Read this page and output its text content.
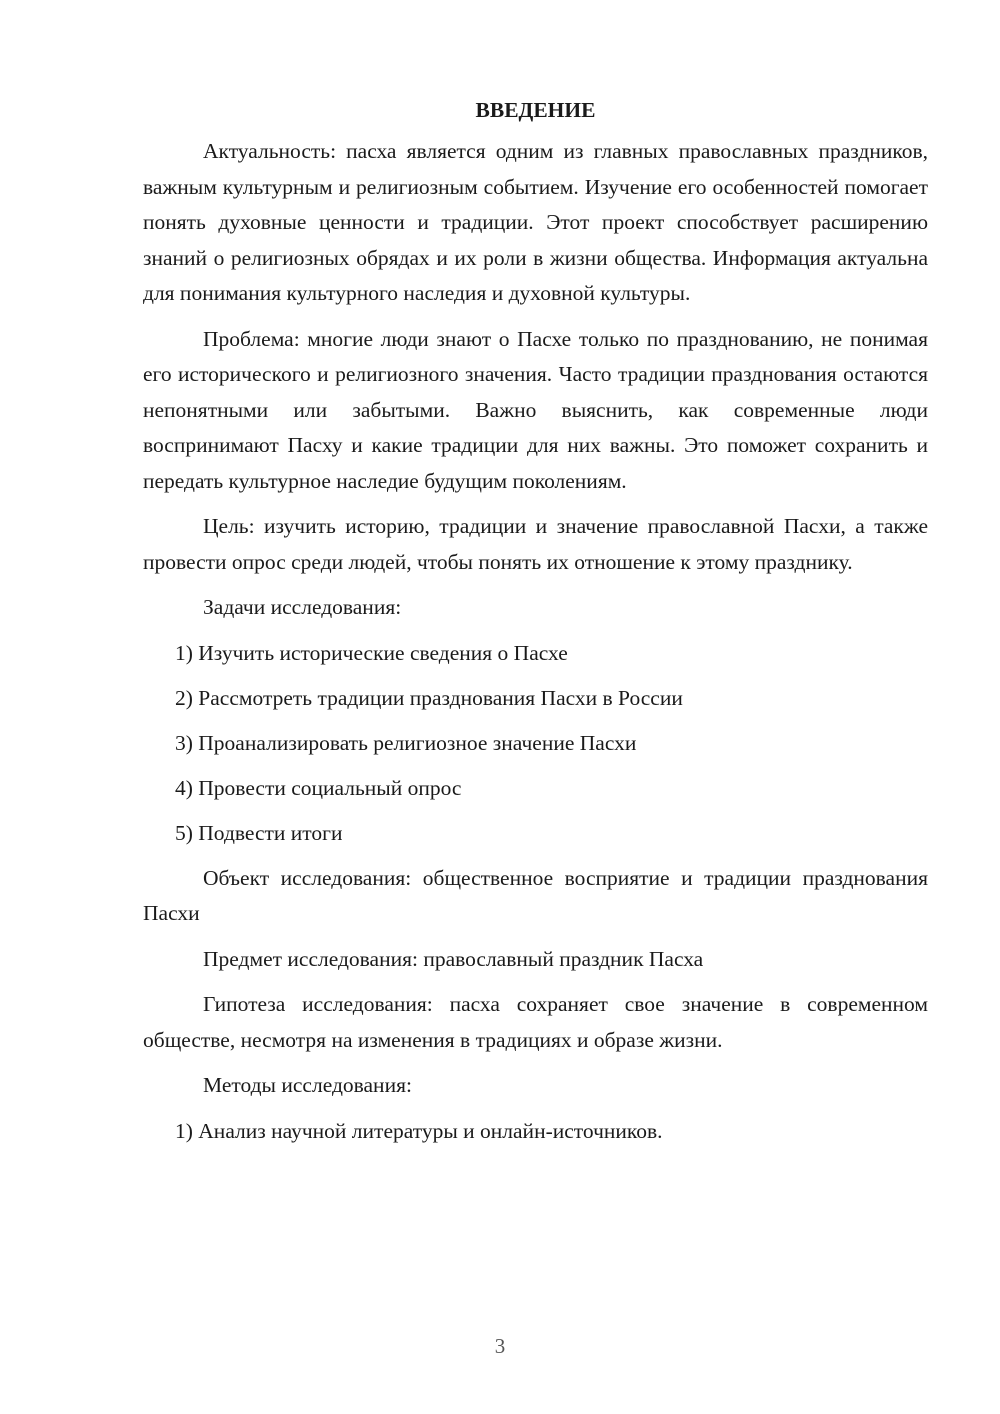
ВВЕДЕНИЕ

Актуальность: пасха является одним из главных православных праздников, важным культурным и религиозным событием. Изучение его особенностей помогает понять духовные ценности и традиции. Этот проект способствует расширению знаний о религиозных обрядах и их роли в жизни общества. Информация актуальна для понимания культурного наследия и духовной культуры.

Проблема: многие люди знают о Пасхе только по празднованию, не понимая его исторического и религиозного значения. Часто традиции празднования остаются непонятными или забытыми. Важно выяснить, как современные люди воспринимают Пасху и какие традиции для них важны. Это поможет сохранить и передать культурное наследие будущим поколениям.

Цель: изучить историю, традиции и значение православной Пасхи, а также провести опрос среди людей, чтобы понять их отношение к этому празднику.

Задачи исследования:
1) Изучить исторические сведения о Пасхе
2) Рассмотреть традиции празднования Пасхи в России
3) Проанализировать религиозное значение Пасхи
4) Провести социальный опрос
5) Подвести итоги

Объект исследования: общественное восприятие и традиции празднования Пасхи

Предмет исследования: православный праздник Пасха

Гипотеза исследования: пасха сохраняет свое значение в современном обществе, несмотря на изменения в традициях и образе жизни.

Методы исследования:
1) Анализ научной литературы и онлайн-источников.
3
